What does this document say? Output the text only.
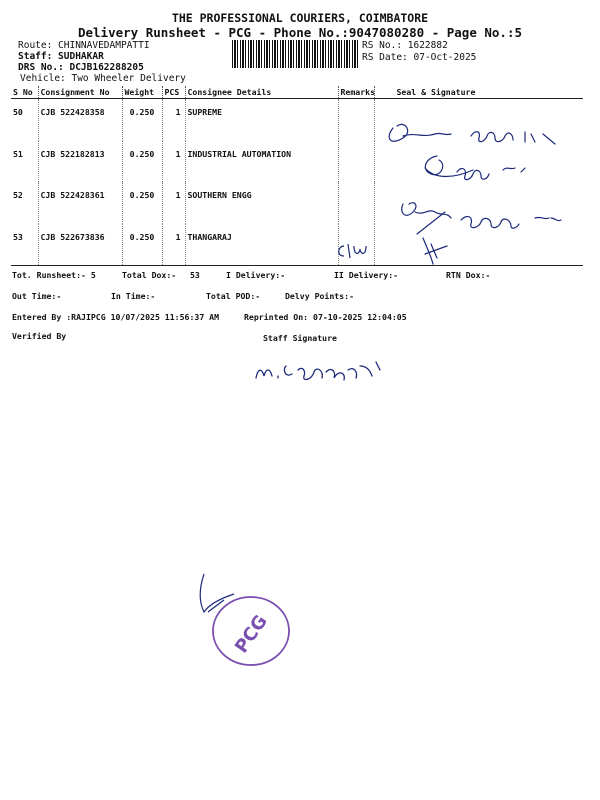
THE PROFESSIONAL COURIERS, COIMBATORE
Delivery Runsheet - PCG - Phone No.:9047080280 - Page No.:5
Route: CHINNAVEDAMPATTI
Staff: SUDHAKAR
DRS No.: DCJB162288205
Vehicle: Two Wheeler Delivery
RS No.: 1622882
RS Date: 07-Oct-2025
S No	Consignment No	Weight	PCS	Consignee Details	Remarks	Seal & Signature
50	CJB 522428358	0.250	1	SUPREME		
51	CJB 522182813	0.250	1	INDUSTRIAL AUTOMATION		
52	CJB 522428361	0.250	1	SOUTHERN ENGG		
53	CJB 522673836	0.250	1	THANGARAJ		
Tot. Runsheet:- 5	Total Dox:- 53	I Delivery:-	II Delivery:-	RTN Dox:-
Out Time:-	In Time:-	Total POD:-	Delvy Points:-
Entered By :RAJIPCG 10/07/2025 11:56:37 AM	Reprinted On: 07-10-2025 12:04:05
Verified By	Staff Signature
PCG
